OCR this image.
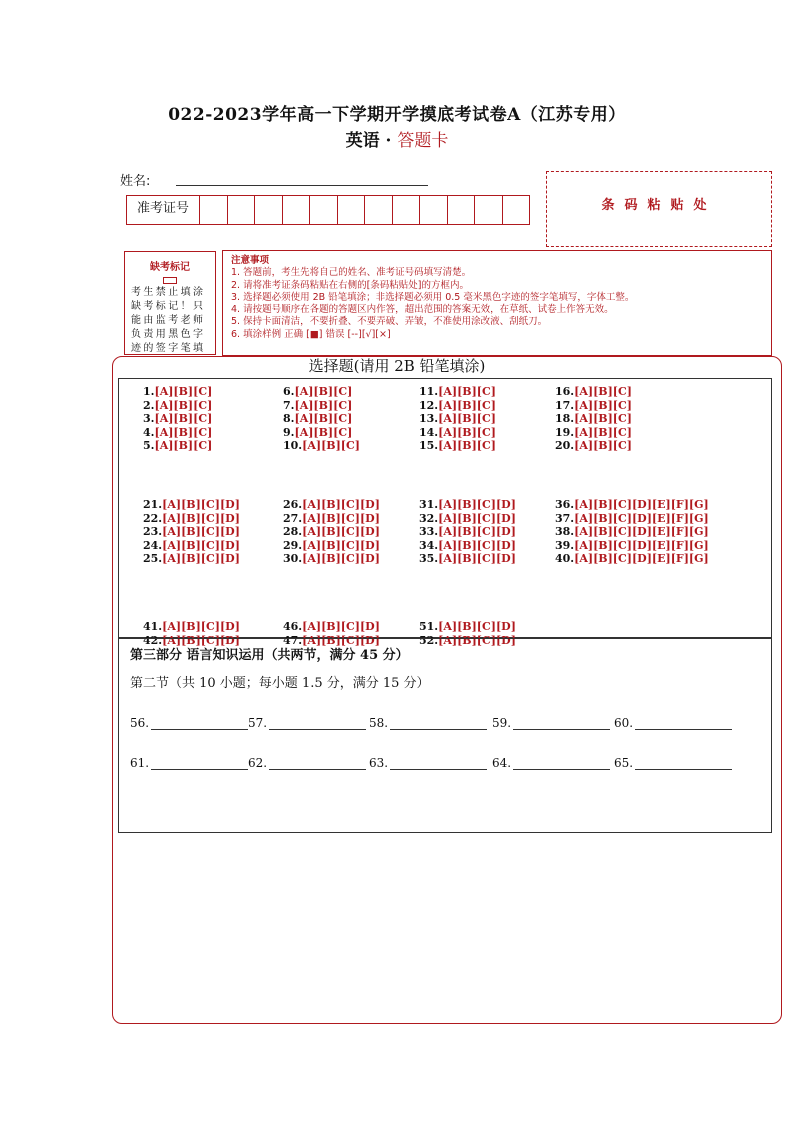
022-2023学年高一下学期开学摸底考试卷A（江苏专用）
英语 · 答题卡
姓名:
准考证号	条码粘贴处
缺考标记
考生禁止填涂缺考标记！只能由监考老师负责用黑色字迹的签字笔填
注意事项
1. 答题前，考生先将自己的姓名、准考证号码填写清楚。
2. 请将准考证条码粘贴在右侧的[条码粘贴处]的方框内。
3. 选择题必须使用 2B 铅笔填涂；非选择题必须用 0.5 毫米黑色字迹的签字笔填写，字体工整。
4. 请按题号顺序在各题的答题区内作答，超出范围的答案无效，在草纸、试卷上作答无效。
5. 保持卡面清洁，不要折叠、不要弄破、弄皱，不准使用涂改液、刮纸刀。
6. 填涂样例 正确 [■] 错误 [--][√][×]
选择题(请用 2B 铅笔填涂)
1.[A][B][C]
2.[A][B][C]
3.[A][B][C]
4.[A][B][C]
5.[A][B][C]
6.[A][B][C]
7.[A][B][C]
8.[A][B][C]
9.[A][B][C]
10.[A][B][C]
11.[A][B][C]
12.[A][B][C]
13.[A][B][C]
14.[A][B][C]
15.[A][B][C]
16.[A][B][C]
17.[A][B][C]
18.[A][B][C]
19.[A][B][C]
20.[A][B][C]
21.[A][B][C][D]
22.[A][B][C][D]
23.[A][B][C][D]
24.[A][B][C][D]
25.[A][B][C][D]
26.[A][B][C][D]
27.[A][B][C][D]
28.[A][B][C][D]
29.[A][B][C][D]
30.[A][B][C][D]
31.[A][B][C][D]
32.[A][B][C][D]
33.[A][B][C][D]
34.[A][B][C][D]
35.[A][B][C][D]
36.[A][B][C][D][E][F][G]
37.[A][B][C][D][E][F][G]
38.[A][B][C][D][E][F][G]
39.[A][B][C][D][E][F][G]
40.[A][B][C][D][E][F][G]
41.[A][B][C][D]
42.[A][B][C][D]
46.[A][B][C][D]
47.[A][B][C][D]
51.[A][B][C][D]
52.[A][B][C][D]
第三部分 语言知识运用（共两节，满分 45 分）
第二节（共 10 小题；每小题 1.5 分，满分 15 分）
56.	57.	58.	59.	60.
61.	62.	63.	64.	65.
